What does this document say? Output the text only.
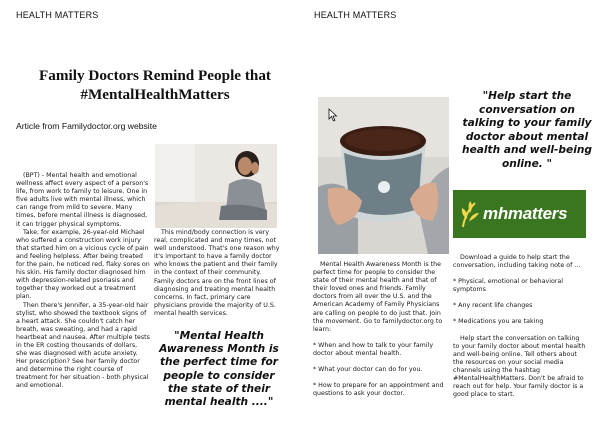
HEALTH MATTERS
Family Doctors Remind People that #MentalHealthMatters
Article from Familydoctor.org website

(BPT) - Mental health and emotional wellness affect every aspect of a person's life, from work to family to leisure. One in five adults live with mental illness, which can range from mild to severe. Many times, before mental illness is diagnosed, it can trigger physical symptoms.

Take, for example, 26-year-old Michael who suffered a construction work injury that started him on a vicious cycle of pain and feeling helpless. After being treated for the pain, he noticed red, flaky sores on his skin. His family doctor diagnosed him with depression-related psoriasis and together they worked out a treatment plan.

Then there's Jennifer, a 35-year-old hair stylist, who showed the textbook signs of a heart attack. She couldn't catch her breath, was sweating, and had a rapid heartbeat and nausea. After multiple tests in the ER costing thousands of dollars, she was diagnosed with acute anxiety. Her prescription? See her family doctor and determine the right course of treatment for her situation - both physical and emotional.

This mind/body connection is very real, complicated and many times, not well understood. That's one reason why it's important to have a family doctor who knows the patient and their family in the context of their community. Family doctors are on the front lines of diagnosing and treating mental health concerns. In fact, primary care physicians provide the majority of U.S. mental health services.

"Mental Health Awareness Month is the perfect time for people to consider the state of their mental health ...."
HEALTH MATTERS
"Help start the conversation on talking to your family doctor about mental health and well-being online. "
mhmatters

Mental Health Awareness Month is the perfect time for people to consider the state of their mental health and that of their loved ones and friends. Family doctors from all over the U.S. and the American Academy of Family Physicians are calling on people to do just that. Join the movement. Go to familydoctor.org to learn:

* When and how to talk to your family doctor about mental health.

* What your doctor can do for you.

* How to prepare for an appointment and questions to ask your doctor.

Download a guide to help start the conversation, including taking note of ...

* Physical, emotional or behavioral symptoms

* Any recent life changes

* Medications you are taking

Help start the conversation on talking to your family doctor about mental health and well-being online. Tell others about the resources on your social media channels using the hashtag #MentalHealthMatters. Don't be afraid to reach out for help. Your family doctor is a good place to start.
